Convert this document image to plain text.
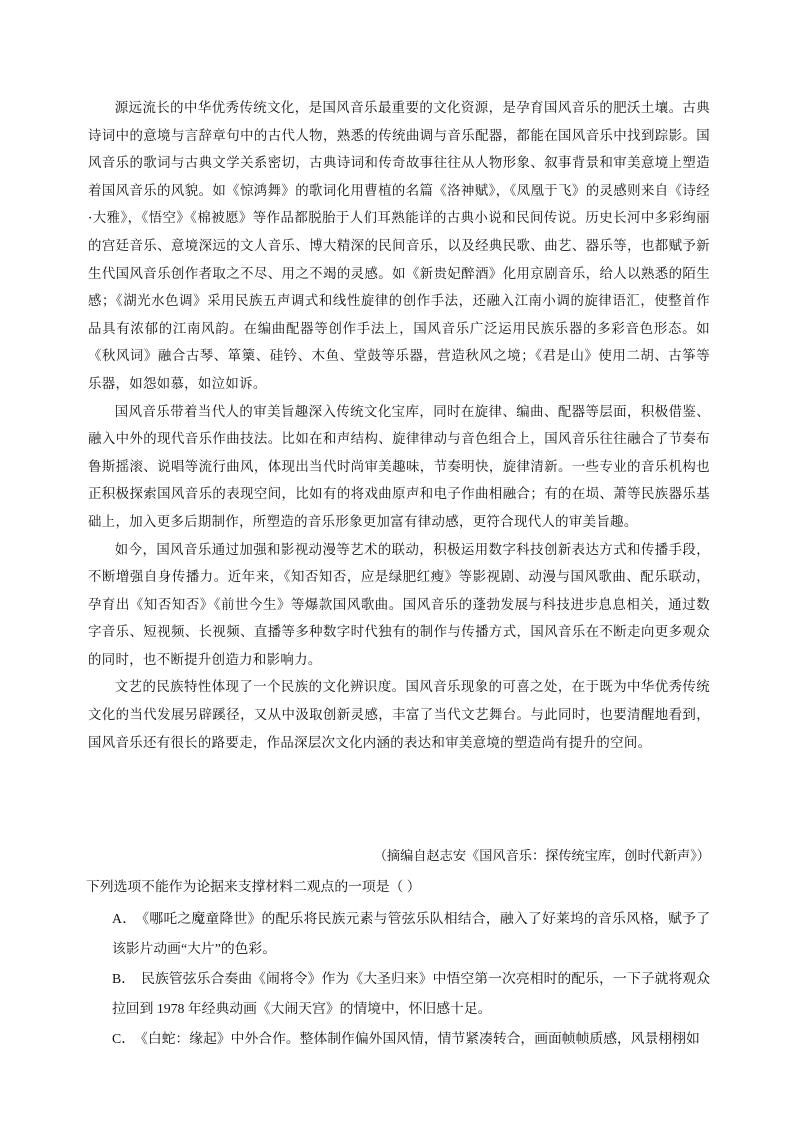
源远流长的中华优秀传统文化，是国风音乐最重要的文化资源，是孕育国风音乐的肥沃土壤。古典诗词中的意境与言辞章句中的古代人物，熟悉的传统曲调与音乐配器，都能在国风音乐中找到踪影。国风音乐的歌词与古典文学关系密切，古典诗词和传奇故事往往从人物形象、叙事背景和审美意境上塑造着国风音乐的风貌。如《惊鸿舞》的歌词化用曹植的名篇《洛神赋》，《凤凰于飞》的灵感则来自《诗经·大雅》，《悟空》《棉被愿》等作品都脱胎于人们耳熟能详的古典小说和民间传说。历史长河中多彩绚丽的宫廷音乐、意境深远的文人音乐、博大精深的民间音乐，以及经典民歌、曲艺、器乐等，也都赋予新生代国风音乐创作者取之不尽、用之不竭的灵感。如《新贵妃醉酒》化用京剧音乐，给人以熟悉的陌生感；《湖光水色调》采用民族五声调式和线性旋律的创作手法，还融入江南小调的旋律语汇，使整首作品具有浓郁的江南风韵。在编曲配器等创作手法上，国风音乐广泛运用民族乐器的多彩音色形态。如《秋风词》融合古琴、箪篥、硅钤、木鱼、堂鼓等乐器，营造秋风之境；《君是山》使用二胡、古筝等乐器，如怨如慕，如泣如诉。

国风音乐带着当代人的审美旨趣深入传统文化宝库，同时在旋律、编曲、配器等层面，积极借鉴、融入中外的现代音乐作曲技法。比如在和声结构、旋律律动与音色组合上，国风音乐往往融合了节奏布鲁斯摇滚、说唱等流行曲风，体现出当代时尚审美趣味，节奏明快，旋律清新。一些专业的音乐机构也正积极探索国风音乐的表现空间，比如有的将戏曲原声和电子作曲相融合；有的在埙、萧等民族器乐基础上，加入更多后期制作，所塑造的音乐形象更加富有律动感，更符合现代人的审美旨趣。

如今，国风音乐通过加强和影视动漫等艺术的联动，积极运用数字科技创新表达方式和传播手段，不断增强自身传播力。近年来，《知否知否，应是绿肥红瘦》等影视剧、动漫与国风歌曲、配乐联动，孕育出《知否知否》《前世今生》等爆款国风歌曲。国风音乐的蓬勃发展与科技进步息息相关，通过数字音乐、短视频、长视频、直播等多种数字时代独有的制作与传播方式，国风音乐在不断走向更多观众的同时，也不断提升创造力和影响力。

文艺的民族特性体现了一个民族的文化辨识度。国风音乐现象的可喜之处，在于既为中华优秀传统文化的当代发展另辟蹊径，又从中汲取创新灵感，丰富了当代文艺舞台。与此同时，也要清醒地看到，国风音乐还有很长的路要走，作品深层次文化内涵的表达和审美意境的塑造尚有提升的空间。

（摘编自赵志安《国风音乐：探传统宝库，创时代新声》）

下列选项不能作为论据来支撑材料二观点的一项是（ ）

A． 《哪吒之魔童降世》的配乐将民族元素与管弦乐队相结合，融入了好莱坞的音乐风格，赋予了该影片动画“大片”的色彩。

B． 民族管弦乐合奏曲《闹将令》作为《大圣归来》中悟空第一次亮相时的配乐，一下子就将观众拉回到 1978 年经典动画《大闹天宫》的情境中，怀旧感十足。

C． 《白蛇：缘起》中外合作。整体制作偏外国风情，情节紧凑转合，画面帧帧质感，风景栩栩如
